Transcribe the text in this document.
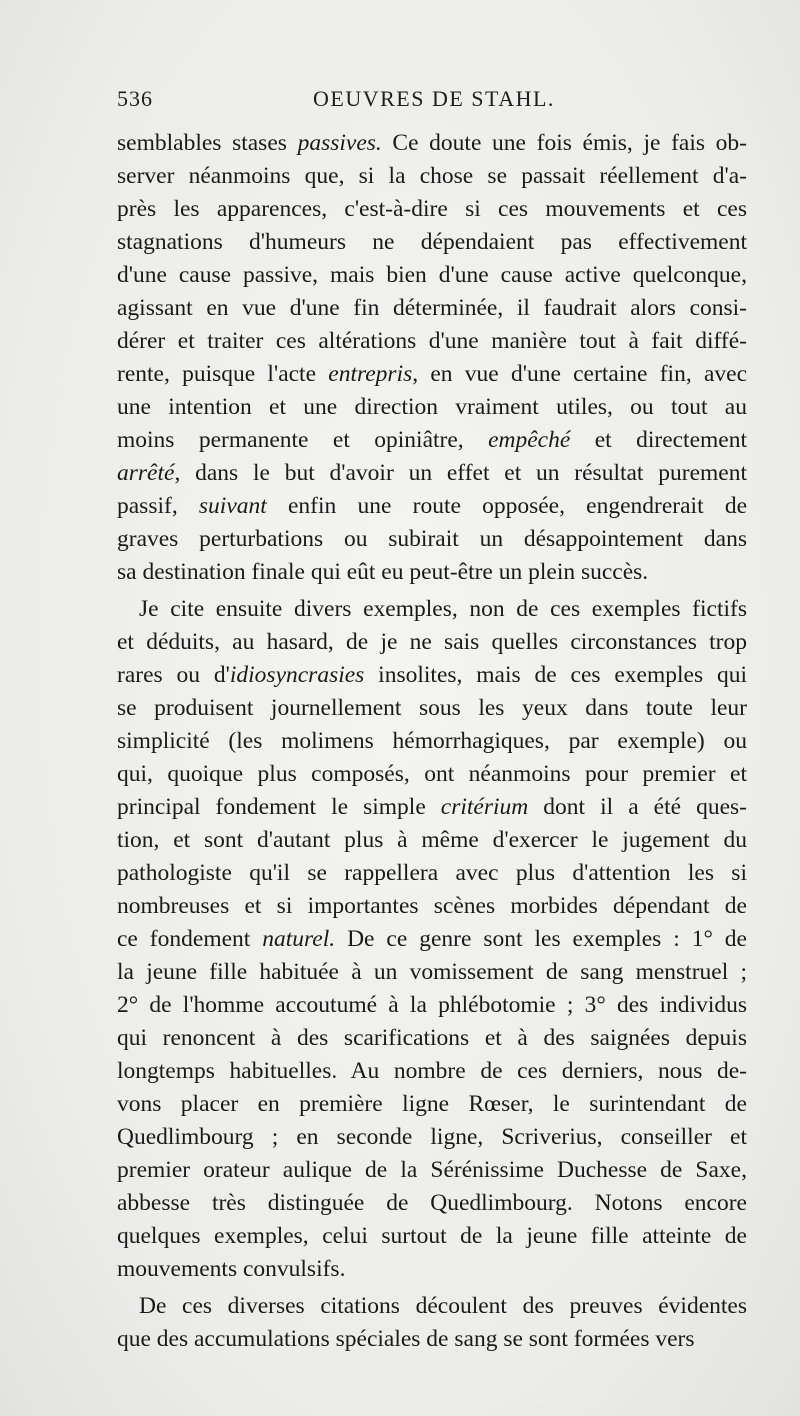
536	OEUVRES DE STAHL.
semblables stases passives. Ce doute une fois émis, je fais ob-
server néanmoins que, si la chose se passait réellement d'a-
près les apparences, c'est-à-dire si ces mouvements et ces
stagnations d'humeurs ne dépendaient pas effectivement
d'une cause passive, mais bien d'une cause active quelconque,
agissant en vue d'une fin déterminée, il faudrait alors consi-
dérer et traiter ces altérations d'une manière tout à fait diffé-
rente, puisque l'acte entrepris, en vue d'une certaine fin, avec
une intention et une direction vraiment utiles, ou tout au
moins permanente et opiniâtre, empêché et directement
arrêté, dans le but d'avoir un effet et un résultat purement
passif, suivant enfin une route opposée, engendrerait de
graves perturbations ou subirait un désappointement dans
sa destination finale qui eût eu peut-être un plein succès.
Je cite ensuite divers exemples, non de ces exemples fictifs
et déduits, au hasard, de je ne sais quelles circonstances trop
rares ou d'idiosyncrasies insolites, mais de ces exemples qui
se produisent journellement sous les yeux dans toute leur
simplicité (les molimens hémorrhagiques, par exemple) ou
qui, quoique plus composés, ont néanmoins pour premier et
principal fondement le simple critérium dont il a été ques-
tion, et sont d'autant plus à même d'exercer le jugement du
pathologiste qu'il se rappellera avec plus d'attention les si
nombreuses et si importantes scènes morbides dépendant de
ce fondement naturel. De ce genre sont les exemples : 1° de
la jeune fille habituée à un vomissement de sang menstruel ;
2° de l'homme accoutumé à la phlébotomie ; 3° des individus
qui renoncent à des scarifications et à des saignées depuis
longtemps habituelles. Au nombre de ces derniers, nous de-
vons placer en première ligne Rœser, le surintendant de
Quedlimbourg ; en seconde ligne, Scriverius, conseiller et
premier orateur aulique de la Sérénissime Duchesse de Saxe,
abbesse très distinguée de Quedlimbourg. Notons encore
quelques exemples, celui surtout de la jeune fille atteinte de
mouvements convulsifs.
De ces diverses citations découlent des preuves évidentes
que des accumulations spéciales de sang se sont formées vers
